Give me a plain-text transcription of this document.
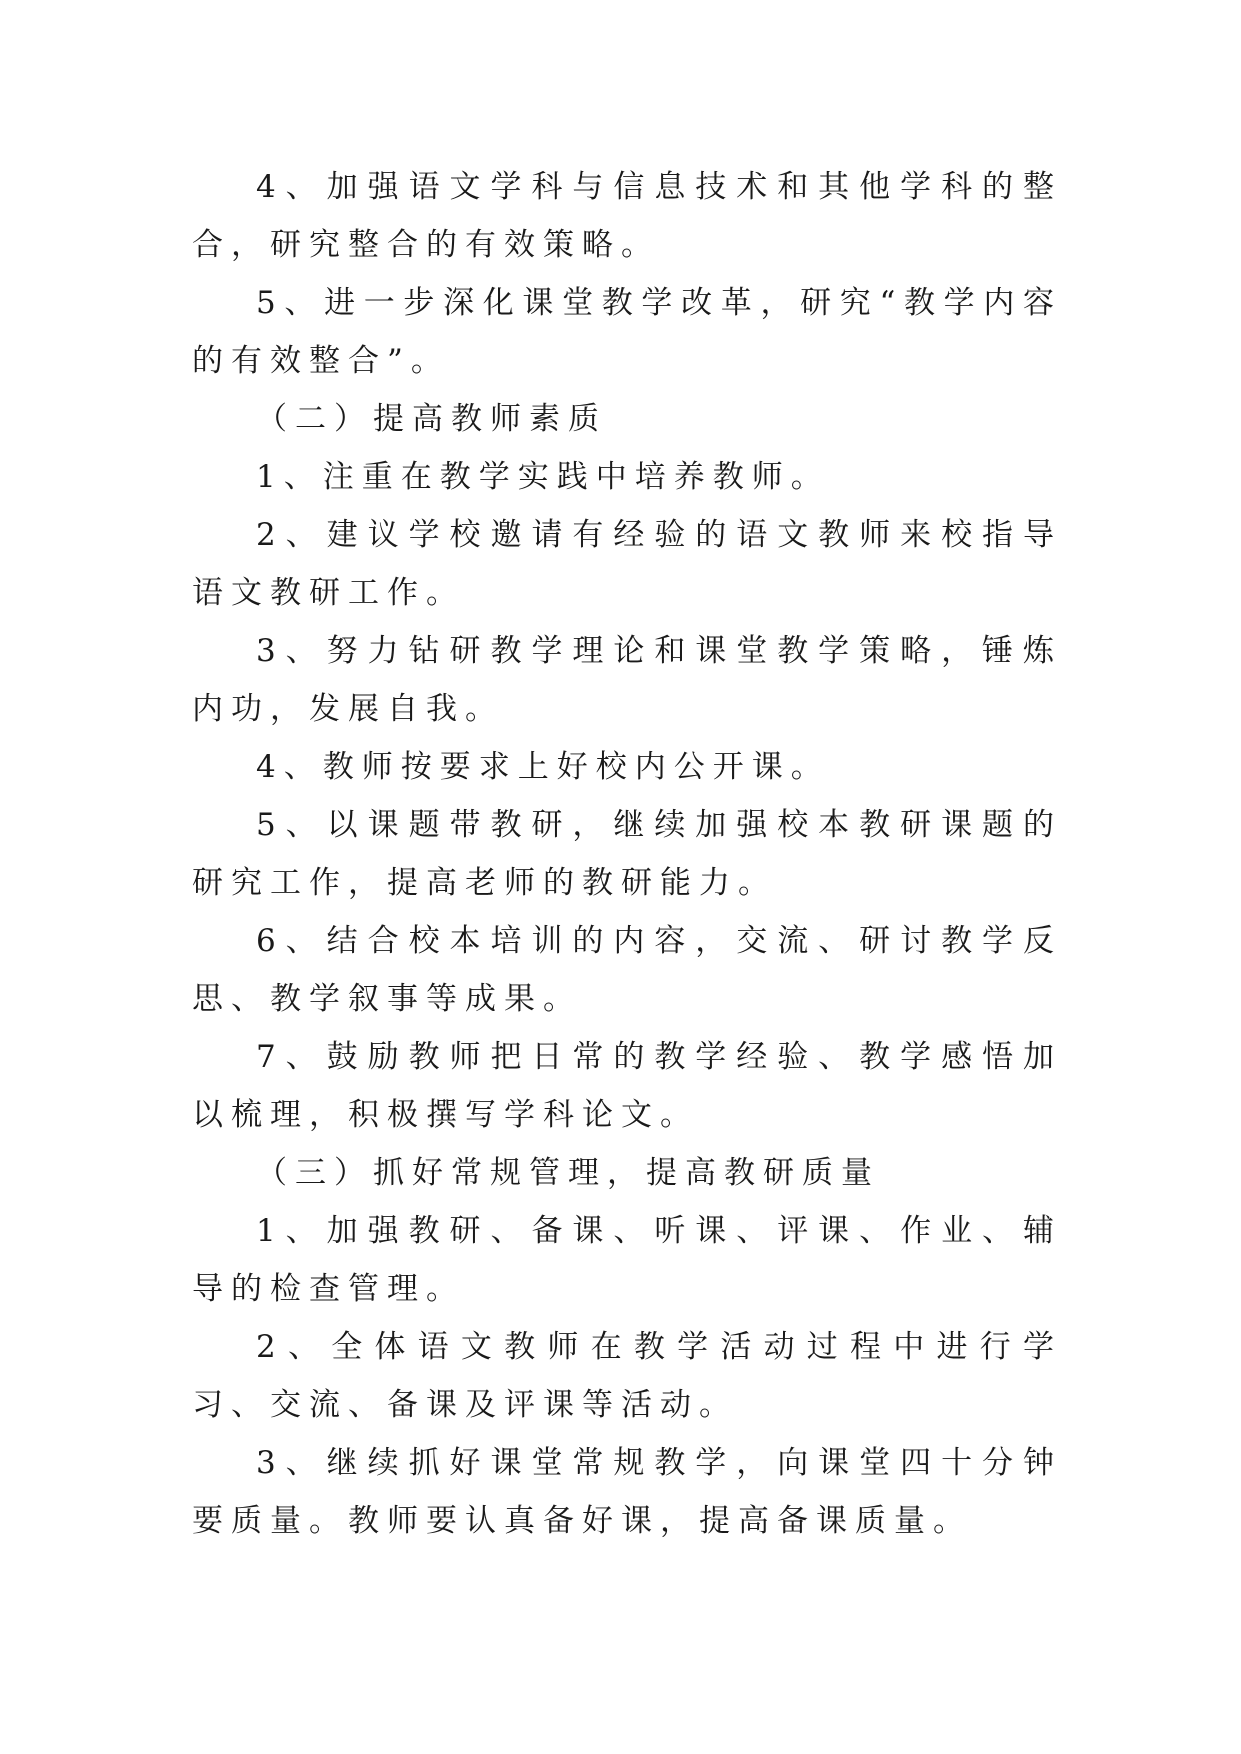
4、加强语文学科与信息技术和其他学科的整合，研究整合的有效策略。

5、进一步深化课堂教学改革，研究“教学内容的有效整合”。

（二）提高教师素质

1、注重在教学实践中培养教师。

2、建议学校邀请有经验的语文教师来校指导语文教研工作。

3、努力钻研教学理论和课堂教学策略，锤炼内功，发展自我。

4、教师按要求上好校内公开课。

5、以课题带教研，继续加强校本教研课题的研究工作，提高老师的教研能力。

6、结合校本培训的内容，交流、研讨教学反思、教学叙事等成果。

7、鼓励教师把日常的教学经验、教学感悟加以梳理，积极撰写学科论文。

（三）抓好常规管理，提高教研质量

1、加强教研、备课、听课、评课、作业、辅导的检查管理。

2、全体语文教师在教学活动过程中进行学习、交流、备课及评课等活动。

3、继续抓好课堂常规教学，向课堂四十分钟要质量。教师要认真备好课，提高备课质量。
